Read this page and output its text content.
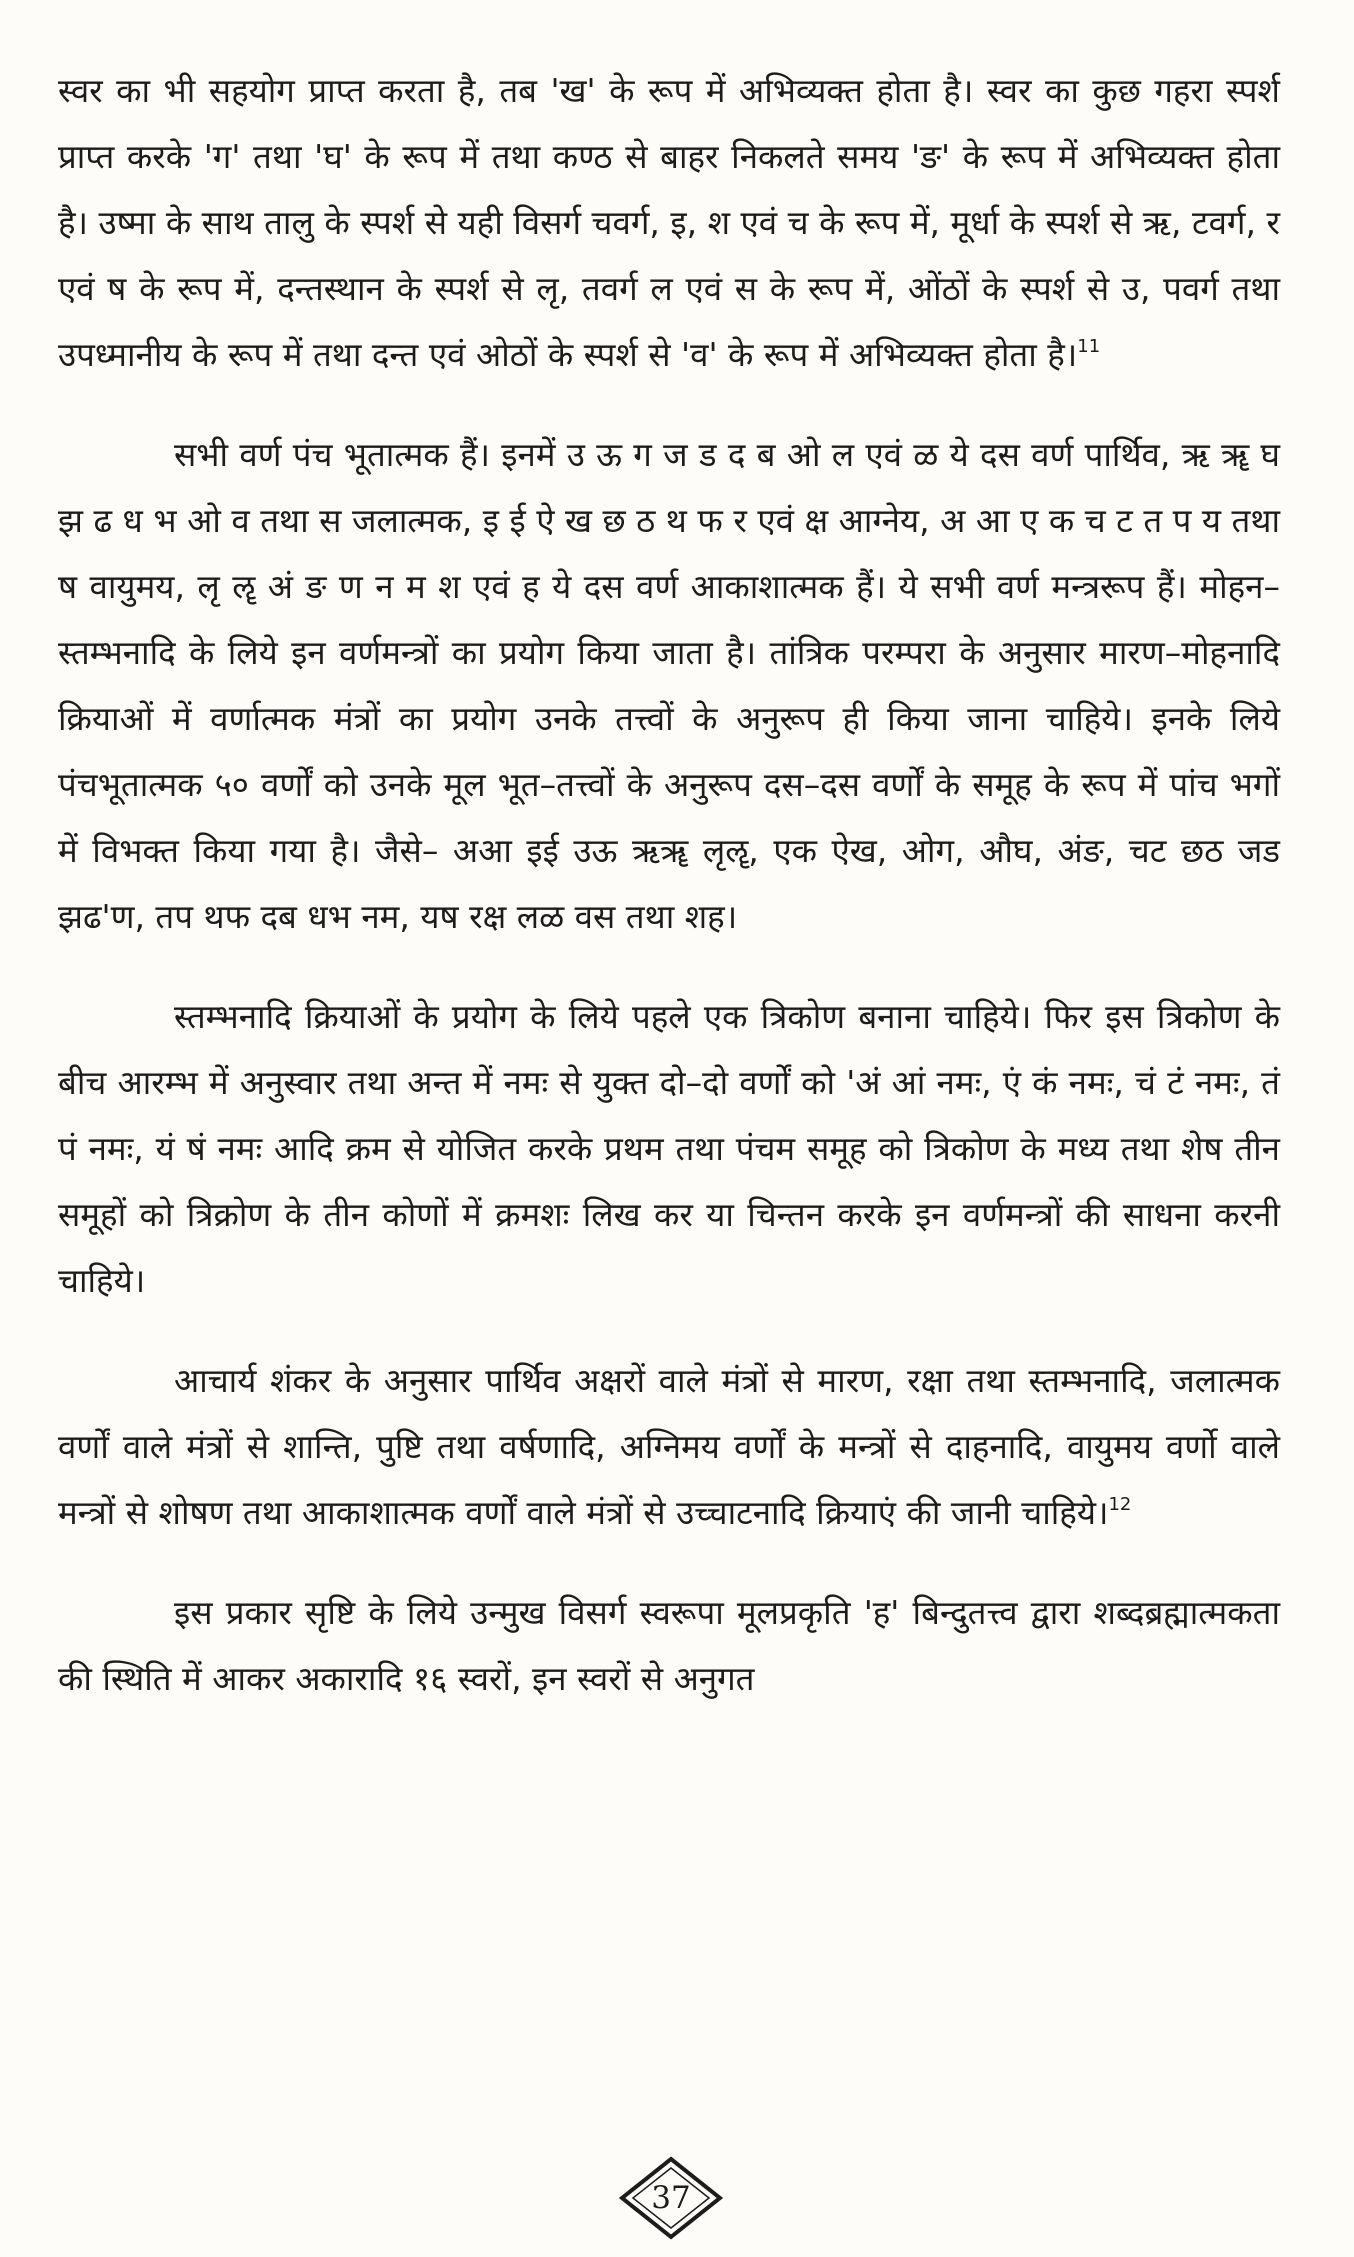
स्वर का भी सहयोग प्राप्त करता है, तब 'ख' के रूप में अभिव्यक्त होता है। स्वर का कुछ गहरा स्पर्श प्राप्त करके 'ग' तथा 'घ' के रूप में तथा कण्ठ से बाहर निकलते समय 'ङ' के रूप में अभिव्यक्त होता है। उष्मा के साथ तालु के स्पर्श से यही विसर्ग चवर्ग, इ, श एवं च के रूप में, मूर्धा के स्पर्श से ऋ, टवर्ग, र एवं ष के रूप में, दन्तस्थान के स्पर्श से लृ, तवर्ग ल एवं स के रूप में, ओंठों के स्पर्श से उ, पवर्ग तथा उपध्मानीय के रूप में तथा दन्त एवं ओठों के स्पर्श से 'व' के रूप में अभिव्यक्त होता है।$^{11}$

सभी वर्ण पंच भूतात्मक हैं। इनमें उ ऊ ग ज ड द ब ओ ल एवं ळ ये दस वर्ण पार्थिव, ऋ ॠ घ झ ढ ध भ ओ व तथा स जलात्मक, इ ई ऐ ख छ ठ थ फ र एवं क्ष आग्नेय, अ आ ए क च ट त प य तथा ष वायुमय, लृ ॡ अं ङ ण न म श एवं ह ये दस वर्ण आकाशात्मक हैं। ये सभी वर्ण मन्त्ररूप हैं। मोहन–स्तम्भनादि के लिये इन वर्णमन्त्रों का प्रयोग किया जाता है। तांत्रिक परम्परा के अनुसार मारण–मोहनादि क्रियाओं में वर्णात्मक मंत्रों का प्रयोग उनके तत्त्वों के अनुरूप ही किया जाना चाहिये। इनके लिये पंचभूतात्मक ५० वर्णों को उनके मूल भूत–तत्त्वों के अनुरूप दस–दस वर्णों के समूह के रूप में पांच भगों में विभक्त किया गया है। जैसे– अआ इई उऊ ऋॠ लृॡ, एक ऐख, ओग, औघ, अंङ, चट छठ जड झढ'ण, तप थफ दब धभ नम, यष रक्ष लळ वस तथा शह।

स्तम्भनादि क्रियाओं के प्रयोग के लिये पहले एक त्रिकोण बनाना चाहिये। फिर इस त्रिकोण के बीच आरम्भ में अनुस्वार तथा अन्त में नमः से युक्त दो–दो वर्णों को 'अं आं नमः, एं कं नमः, चं टं नमः, तं पं नमः, यं षं नमः आदि क्रम से योजित करके प्रथम तथा पंचम समूह को त्रिकोण के मध्य तथा शेष तीन समूहों को त्रिक्रोण के तीन कोणों में क्रमशः लिख कर या चिन्तन करके इन वर्णमन्त्रों की साधना करनी चाहिये।

आचार्य शंकर के अनुसार पार्थिव अक्षरों वाले मंत्रों से मारण, रक्षा तथा स्तम्भनादि, जलात्मक वर्णों वाले मंत्रों से शान्ति, पुष्टि तथा वर्षणादि, अग्निमय वर्णों के मन्त्रों से दाहनादि, वायुमय वर्णो वाले मन्त्रों से शोषण तथा आकाशात्मक वर्णों वाले मंत्रों से उच्चाटनादि क्रियाएं की जानी चाहिये।$^{12}$

इस प्रकार सृष्टि के लिये उन्मुख विसर्ग स्वरूपा मूलप्रकृति 'ह' बिन्दुतत्त्व द्वारा शब्दब्रह्मात्मकता की स्थिति में आकर अकारादि १६ स्वरों, इन स्वरों से अनुगत

37
